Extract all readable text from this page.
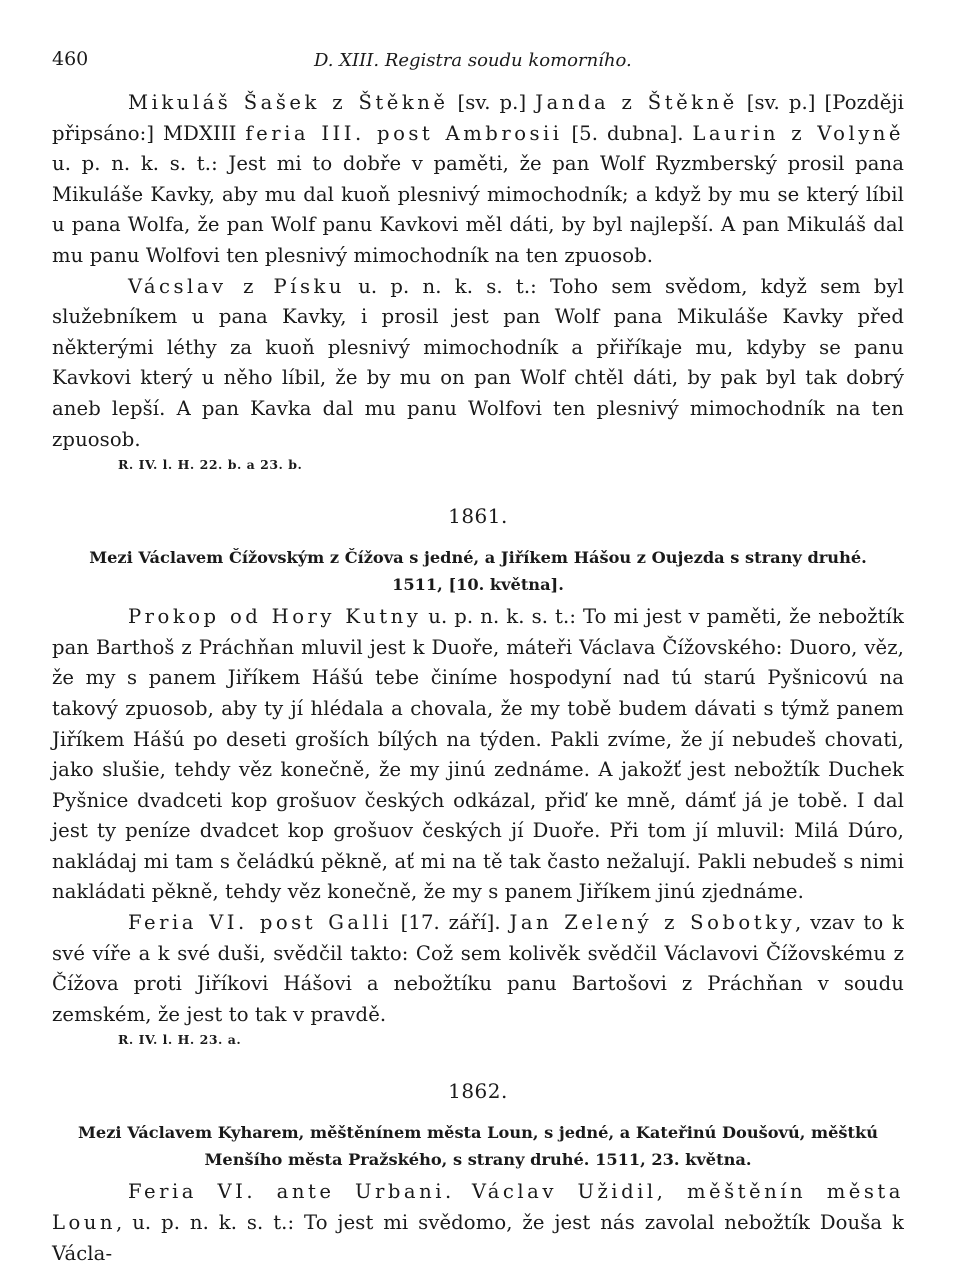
460	D. XIII. Registra soudu komorního.

Mikuláš Šašek z Štěkně [sv. p.] Janda z Štěkně [sv. p.] [Později připsáno:] MDXIII feria III. post Ambrosii [5. dubna]. Laurin z Volyně u. p. n. k. s. t.: Jest mi to dobře v paměti, že pan Wolf Ryzmberský prosil pana Mikuláše Kavky, aby mu dal kuoň plesnivý mimochodník; a když by mu se který líbil u pana Wolfa, že pan Wolf panu Kavkovi měl dáti, by byl najlepší. A pan Mikuláš dal mu panu Wolfovi ten plesnivý mimochodník na ten zpuosob.

Vácslav z Písku u. p. n. k. s. t.: Toho sem svědom, když sem byl služebníkem u pana Kavky, i prosil jest pan Wolf pana Mikuláše Kavky před některými léthy za kuoň plesnivý mimochodník a přiříkaje mu, kdyby se panu Kavkovi který u něho líbil, že by mu on pan Wolf chtěl dáti, by pak byl tak dobrý aneb lepší. A pan Kavka dal mu panu Wolfovi ten plesnivý mimochodník na ten zpuosob.

R. IV. l. H. 22. b. a 23. b.
1861.
Mezi Václavem Čížovským z Čížova s jedné, a Jiříkem Hášou z Oujezda s strany druhé.
1511, [10. května].

Prokop od Hory Kutny u. p. n. k. s. t.: To mi jest v paměti, že nebožtík pan Barthoš z Práchňan mluvil jest k Duoře, máteři Václava Čížovského: Duoro, věz, že my s panem Jiříkem Hášú tebe činíme hospodyní nad tú starú Pyšnicovú na takový zpuosob, aby ty jí hlédala a chovala, že my tobě budem dávati s týmž panem Jiříkem Hášú po deseti groších bílých na týden. Pakli zvíme, že jí nebudeš chovati, jako slušie, tehdy věz konečně, že my jinú zednáme. A jakožť jest nebožtík Duchek Pyšnice dvadceti kop grošuov českých odkázal, přiď ke mně, dámť já je tobě. I dal jest ty peníze dvadcet kop grošuov českých jí Duoře. Při tom jí mluvil: Milá Dúro, nakládaj mi tam s čeládkú pěkně, ať mi na tě tak často nežalují. Pakli nebudeš s nimi nakládati pěkně, tehdy věz konečně, že my s panem Jiříkem jinú zjednáme.

Feria VI. post Galli [17. září]. Jan Zelený z Sobotky, vzav to k své víře a k své duši, svědčil takto: Což sem kolivěk svědčil Václavovi Čížovskému z Čížova proti Jiříkovi Hášovi a nebožtíku panu Bartošovi z Práchňan v soudu zemském, že jest to tak v pravdě.

R. IV. l. H. 23. a.
1862.
Mezi Václavem Kyharem, měštěnínem města Loun, s jedné, a Kateřinú Doušovú, měštkú
Menšího města Pražského, s strany druhé. 1511, 23. května.

Feria VI. ante Urbani. Václav Užidil, měštěnín města Loun, u. p. n. k. s. t.: To jest mi svědomo, že jest nás zavolal nebožtík Douša k Václa-
